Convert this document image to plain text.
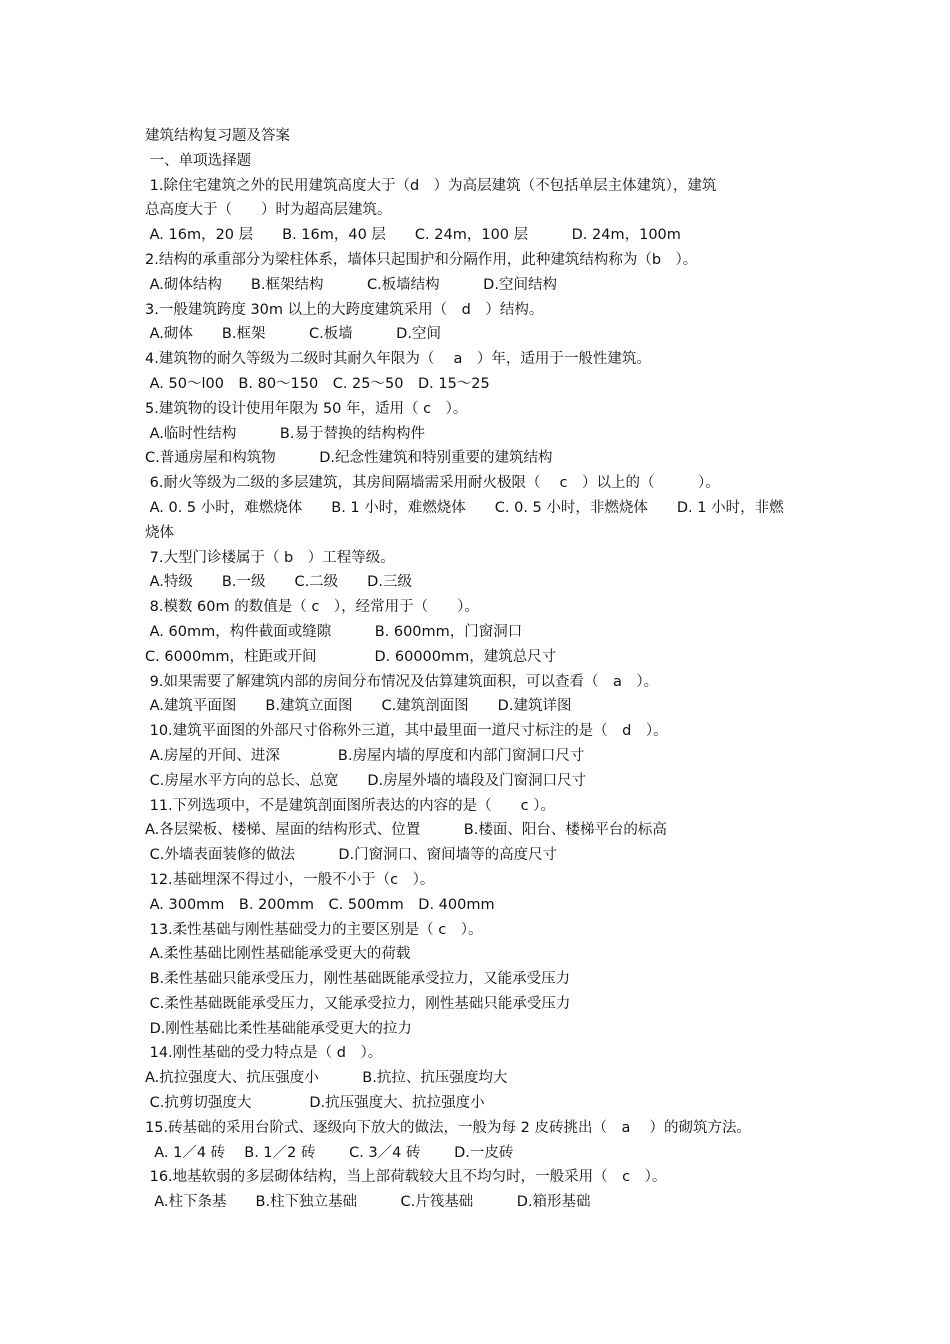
建筑结构复习题及答案
一、单项选择题
1.除住宅建筑之外的民用建筑高度大于（d　）为高层建筑（不包括单层主体建筑），建筑
总高度大于（　　）时为超高层建筑。
A. 16m，20 层　　B. 16m，40 层　　C. 24m，100 层　　　D. 24m，100m
2.结构的承重部分为梁柱体系，墙体只起围护和分隔作用，此种建筑结构称为（b　）。
A.砌体结构　　B.框架结构　　　C.板墙结构　　　D.空间结构
3.一般建筑跨度 30m 以上的大跨度建筑采用（　d　）结构。
A.砌体　　B.框架　　　C.板墙　　　D.空间
4.建筑物的耐久等级为二级时其耐久年限为（　 a　）年，适用于一般性建筑。
A. 50～l00　B. 80～150　C. 25～50　D. 15～25
5.建筑物的设计使用年限为 50 年，适用（ c　）。
A.临时性结构　　　B.易于替换的结构构件
C.普通房屋和构筑物　　　D.纪念性建筑和特别重要的建筑结构
6.耐火等级为二级的多层建筑，其房间隔墙需采用耐火极限（　 c　）以上的（　　　）。
A. 0. 5 小时，难燃烧体　　B. 1 小时，难燃烧体　　C. 0. 5 小时，非燃烧体　　D. 1 小时，非燃
烧体
7.大型门诊楼属于（ b　）工程等级。
A.特级　　B.一级　　C.二级　　D.三级
8.模数 60m 的数值是（ c　），经常用于（　　）。
A. 60mm，构件截面或缝隙　　　B. 600mm，门窗洞口
C. 6000mm，柱距或开间　　　　D. 60000mm，建筑总尺寸
9.如果需要了解建筑内部的房间分布情况及估算建筑面积，可以查看（　a　）。
A.建筑平面图　　B.建筑立面图　　C.建筑剖面图　　D.建筑详图
10.建筑平面图的外部尺寸俗称外三道，其中最里面一道尺寸标注的是（　d　）。
A.房屋的开间、进深　　　　B.房屋内墙的厚度和内部门窗洞口尺寸
C.房屋水平方向的总长、总宽　　D.房屋外墙的墙段及门窗洞口尺寸
11.下列选项中，不是建筑剖面图所表达的内容的是（　　c ）。
A.各层梁板、楼梯、屋面的结构形式、位置　　　B.楼面、阳台、楼梯平台的标高
C.外墙表面装修的做法　　　D.门窗洞口、窗间墙等的高度尺寸
12.基础埋深不得过小，一般不小于（c　）。
A. 300mm　B. 200mm　C. 500mm　D. 400mm
13.柔性基础与刚性基础受力的主要区别是（ c　）。
A.柔性基础比刚性基础能承受更大的荷载
B.柔性基础只能承受压力，刚性基础既能承受拉力，又能承受压力
C.柔性基础既能承受压力，又能承受拉力，刚性基础只能承受压力
D.刚性基础比柔性基础能承受更大的拉力
14.刚性基础的受力特点是（ d　）。
A.抗拉强度大、抗压强度小　　　B.抗拉、抗压强度均大
C.抗剪切强度大　　　　D.抗压强度大、抗拉强度小
15.砖基础的采用台阶式、逐级向下放大的做法，一般为每 2 皮砖挑出（　a　 ）的砌筑方法。
A. 1／4 砖　 B. 1／2 砖　　 C. 3／4 砖　　 D.一皮砖
16.地基软弱的多层砌体结构，当上部荷载较大且不均匀时，一般采用（　c　）。
A.柱下条基　　B.柱下独立基础　　　C.片筏基础　　　D.箱形基础
